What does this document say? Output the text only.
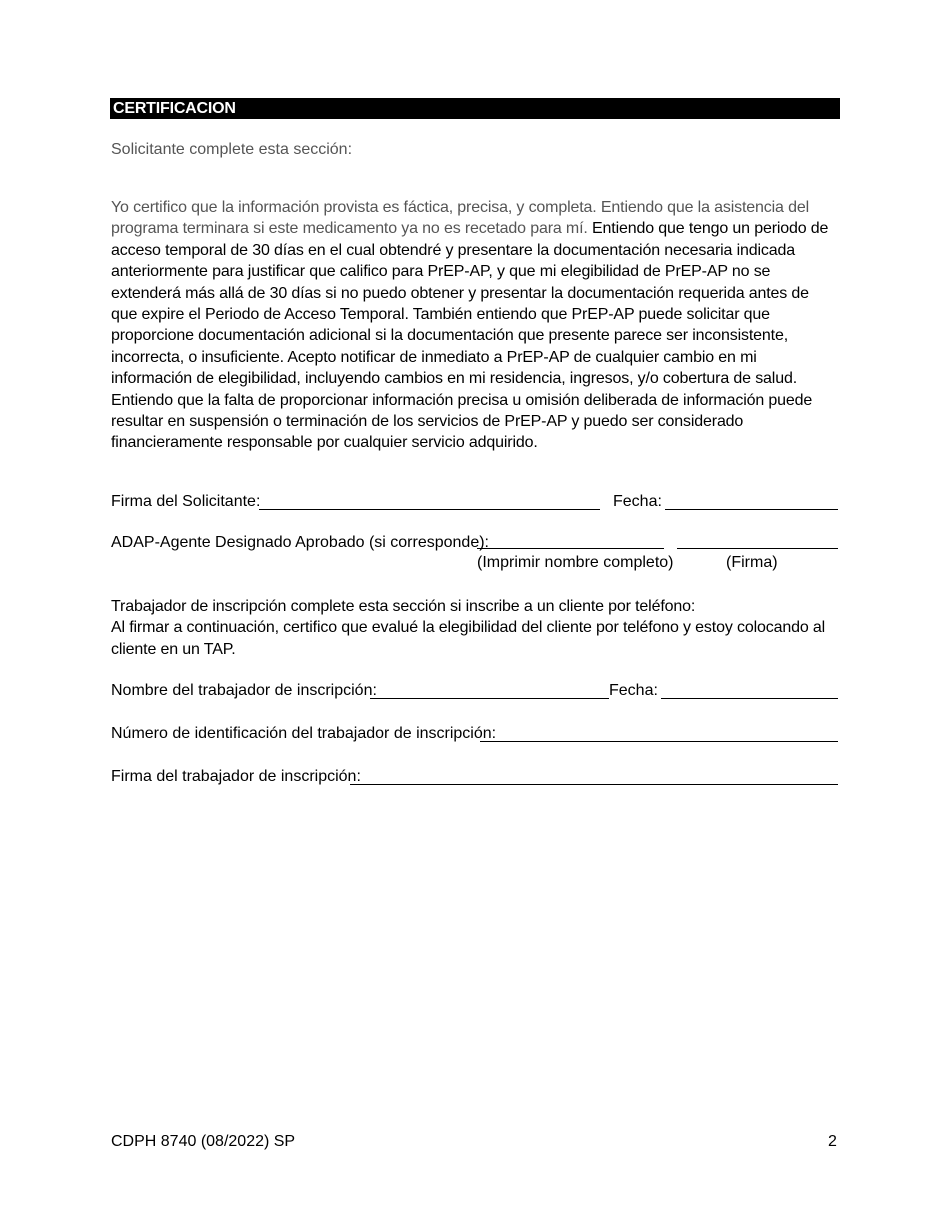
CERTIFICACION
Solicitante complete esta sección:
Yo certifico que la información provista es fáctica, precisa, y completa. Entiendo que la asistencia del programa terminara si este medicamento ya no es recetado para mí. Entiendo que tengo un periodo de acceso temporal de 30 días en el cual obtendré y presentare la documentación necesaria indicada anteriormente para justificar que califico para PrEP-AP, y que mi elegibilidad de PrEP-AP no se extenderá más allá de 30 días si no puedo obtener y presentar la documentación requerida antes de que expire el Periodo de Acceso Temporal. También entiendo que PrEP-AP puede solicitar que proporcione documentación adicional si la documentación que presente parece ser inconsistente, incorrecta, o insuficiente. Acepto notificar de inmediato a PrEP-AP de cualquier cambio en mi información de elegibilidad, incluyendo cambios en mi residencia, ingresos, y/o cobertura de salud. Entiendo que la falta de proporcionar información precisa u omisión deliberada de información puede resultar en suspensión o terminación de los servicios de PrEP-AP y puedo ser considerado financieramente responsable por cualquier servicio adquirido.
Firma del Solicitante:	Fecha:
ADAP-Agente Designado Aprobado (si corresponde):
(Imprimir nombre completo)	(Firma)
Trabajador de inscripción complete esta sección si inscribe a un cliente por teléfono:
Al firmar a continuación, certifico que evalué la elegibilidad del cliente por teléfono y estoy colocando al cliente en un TAP.
Nombre del trabajador de inscripción:	Fecha:
Número de identificación del trabajador de inscripción:
Firma del trabajador de inscripción:
CDPH 8740 (08/2022) SP	2
